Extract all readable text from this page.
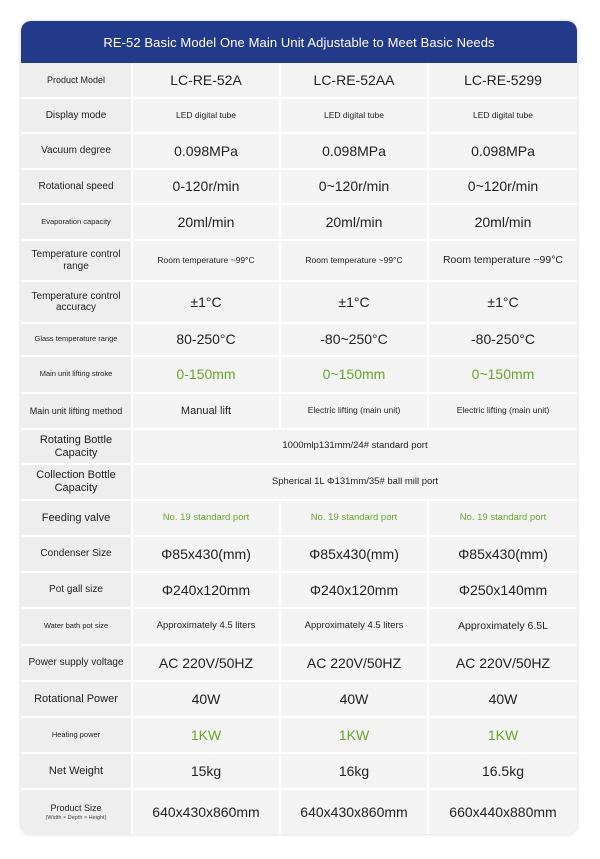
RE-52 Basic Model One Main Unit Adjustable to Meet Basic Needs
Product Model	LC-RE-52A	LC-RE-52AA	LC-RE-5299
Display mode	LED digital tube	LED digital tube	LED digital tube
Vacuum degree	0.098MPa	0.098MPa	0.098MPa
Rotational speed	0-120r/min	0~120r/min	0~120r/min
Evaporation capacity	20ml/min	20ml/min	20ml/min
Temperature control range	Room temperature ~99°C	Room temperature ~99°C	Room temperature ~99°C
Temperature control accuracy	±1°C	±1°C	±1°C
Glass temperature range	80-250°C	-80~250°C	-80-250°C
Main unit lifting stroke	0-150mm	0~150mm	0~150mm
Main unit lifting method	Manual lift	Electric lifting (main unit)	Electric lifting (main unit)
Rotating Bottle Capacity	1000mlp131mm/24# standard port		
Collection Bottle Capacity	Spherical 1L Φ131mm/35# ball mill port		
Feeding valve	No. 19 standard port	No. 19 standard port	No. 19 standard port
Condenser Size	Φ85x430(mm)	Φ85x430(mm)	Φ85x430(mm)
Pot gall size	Φ240x120mm	Φ240x120mm	Φ250x140mm
Water bath pot size	Approximately 4.5 liters	Approximately 4.5 liters	Approximately 6.5L
Power supply voltage	AC 220V/50HZ	AC 220V/50HZ	AC 220V/50HZ
Rotational Power	40W	40W	40W
Heating power	1KW	1KW	1KW
Net Weight	15kg	16kg	16.5kg
Product Size
(Width × Depth × Height)	640x430x860mm	640x430x860mm	660x440x880mm
